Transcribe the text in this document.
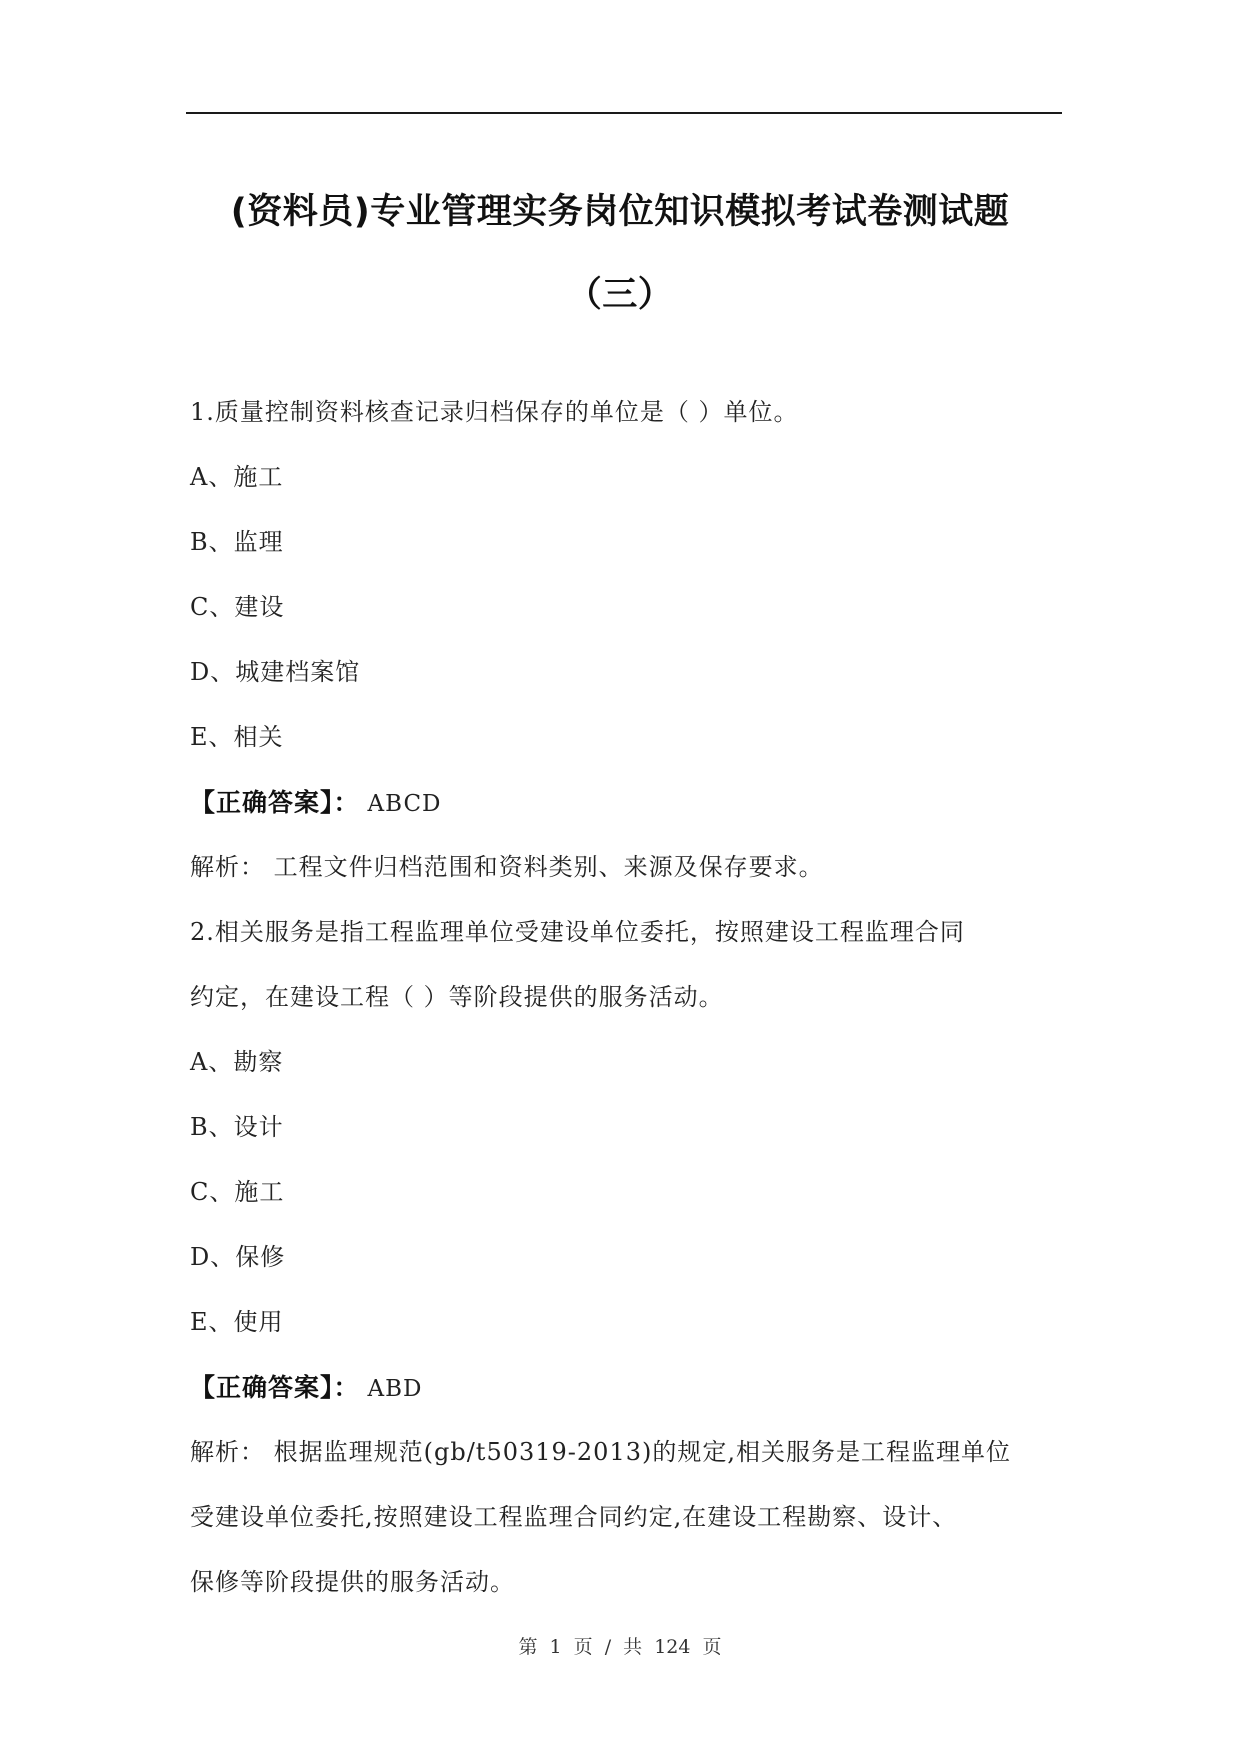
(资料员)专业管理实务岗位知识模拟考试卷测试题
（三）
1.质量控制资料核查记录归档保存的单位是（ ）单位。
A、施工
B、监理
C、建设
D、城建档案馆
E、相关
【正确答案】： ABCD
解析： 工程文件归档范围和资料类别、来源及保存要求。
2.相关服务是指工程监理单位受建设单位委托，按照建设工程监理合同
约定，在建设工程（ ）等阶段提供的服务活动。
A、勘察
B、设计
C、施工
D、保修
E、使用
【正确答案】： ABD
解析： 根据监理规范(gb/t50319-2013)的规定,相关服务是工程监理单位
受建设单位委托,按照建设工程监理合同约定,在建设工程勘察、设计、
保修等阶段提供的服务活动。
第 1 页 / 共 124 页
